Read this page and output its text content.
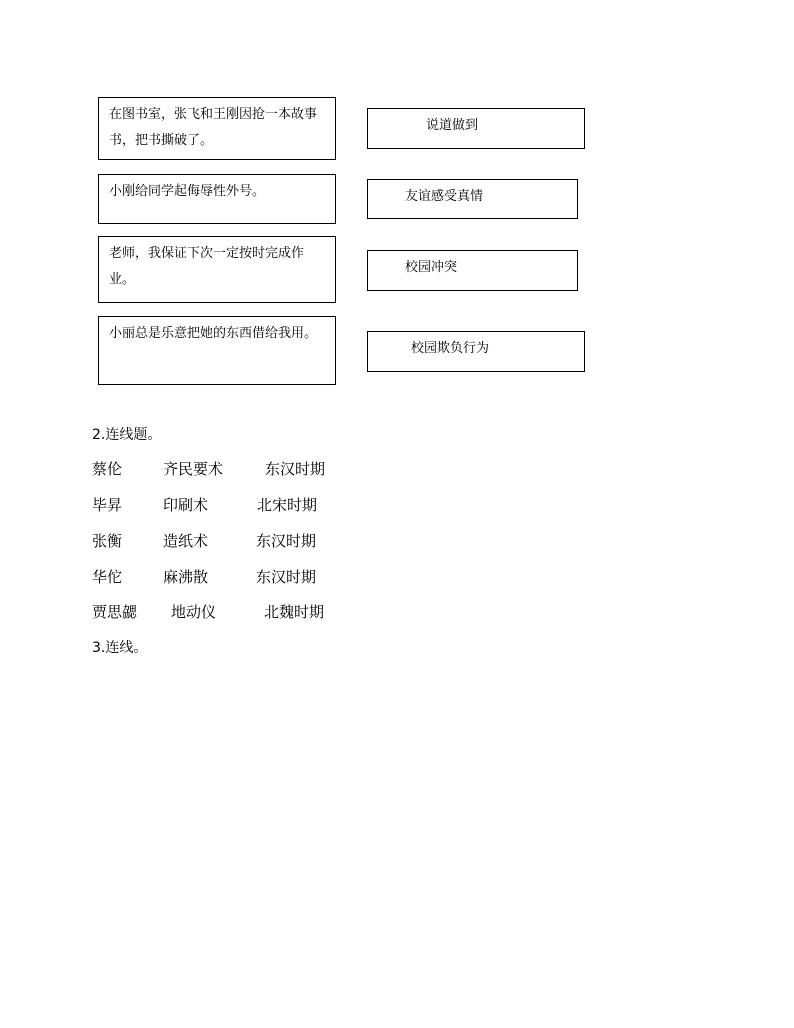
在图书室，张飞和王刚因抢一本故事书，把书撕破了。
小刚给同学起侮辱性外号。
老师，我保证下次一定按时完成作业。
小丽总是乐意把她的东西借给我用。
说道做到
友谊感受真情
校园冲突
校园欺负行为
2.连线题。
蔡伦	齐民要术	东汉时期
毕昇	印刷术	北宋时期
张衡	造纸术	东汉时期
华佗	麻沸散	东汉时期
贾思勰 地动仪	北魏时期
3.连线。
